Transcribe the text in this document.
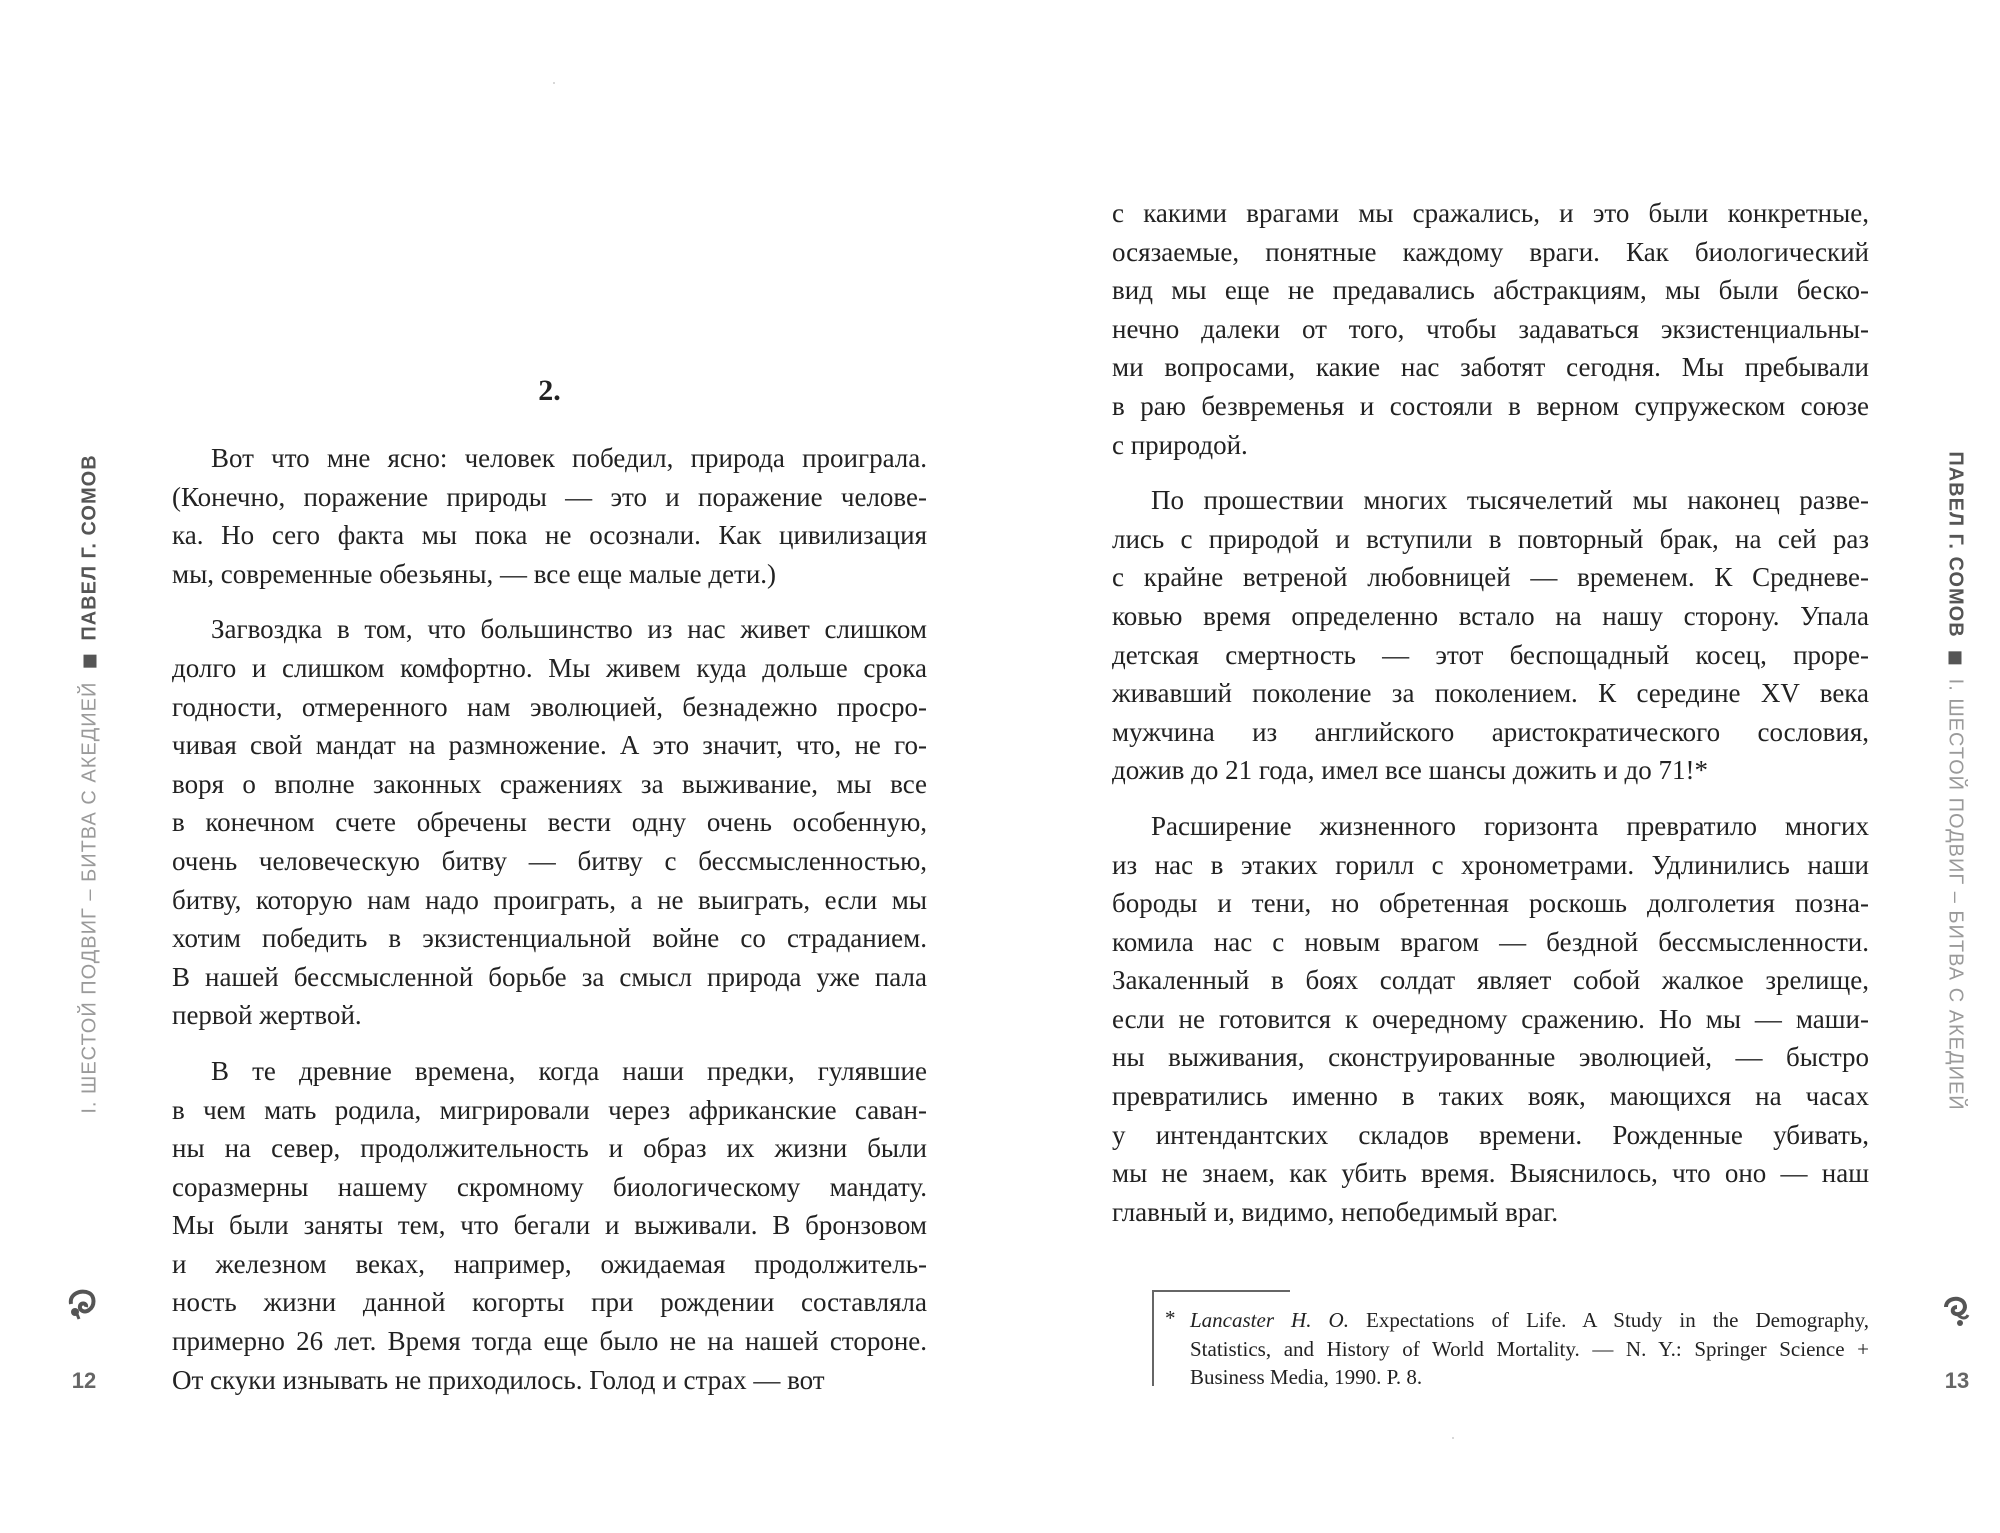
2.
Вот что мне ясно: человек победил, природа проиграла.
(Конечно, поражение природы — это и поражение челове-
ка. Но сего факта мы пока не осознали. Как цивилизация
мы, современные обезьяны, — все еще малые дети.)
Загвоздка в том, что большинство из нас живет слишком
долго и слишком комфортно. Мы живем куда дольше срока
годности, отмеренного нам эволюцией, безнадежно просро-
чивая свой мандат на размножение. А это значит, что, не го-
воря о вполне законных сражениях за выживание, мы все
в конечном счете обречены вести одну очень особенную,
очень человеческую битву — битву с бессмысленностью,
битву, которую нам надо проиграть, а не выиграть, если мы
хотим победить в экзистенциальной войне со страданием.
В нашей бессмысленной борьбе за смысл природа уже пала
первой жертвой.
В те древние времена, когда наши предки, гулявшие
в чем мать родила, мигрировали через африканские саван-
ны на север, продолжительность и образ их жизни были
соразмерны нашему скромному биологическому мандату.
Мы были заняты тем, что бегали и выживали. В бронзовом
и железном веках, например, ожидаемая продолжитель-
ность жизни данной когорты при рождении составляла
примерно 26 лет. Время тогда еще было не на нашей стороне.
От скуки изнывать не приходилось. Голод и страх — вот
I. ШЕСТОЙ ПОДВИГ – БИТВА С АКЕДИЕЙПАВЕЛ Г. СОМОВ
12
с какими врагами мы сражались, и это были конкретные,
осязаемые, понятные каждому враги. Как биологический
вид мы еще не предавались абстракциям, мы были беско-
нечно далеки от того, чтобы задаваться экзистенциальны-
ми вопросами, какие нас заботят сегодня. Мы пребывали
в раю безвременья и состояли в верном супружеском союзе
с природой.
По прошествии многих тысячелетий мы наконец разве-
лись с природой и вступили в повторный брак, на сей раз
с крайне ветреной любовницей — временем. К Средневе-
ковью время определенно встало на нашу сторону. Упала
детская смертность — этот беспощадный косец, проре-
живавший поколение за поколением. К середине XV века
мужчина из английского аристократического сословия,
дожив до 21 года, имел все шансы дожить и до 71!*
Расширение жизненного горизонта превратило многих
из нас в этаких горилл с хронометрами. Удлинились наши
бороды и тени, но обретенная роскошь долголетия позна-
комила нас с новым врагом — бездной бессмысленности.
Закаленный в боях солдат являет собой жалкое зрелище,
если не готовится к очередному сражению. Но мы — маши-
ны выживания, сконструированные эволюцией, — быстро
превратились именно в таких вояк, мающихся на часах
у интендантских складов времени. Рожденные убивать,
мы не знаем, как убить время. Выяснилось, что оно — наш
главный и, видимо, непобедимый враг.
ПАВЕЛ Г. СОМОВI. ШЕСТОЙ ПОДВИГ – БИТВА С АКЕДИЕЙ
* Lancaster H. O. Expectations of Life. A Study in the Demography,
Statistics, and History of World Mortality. — N. Y.: Springer Science +
Business Media, 1990. P. 8.	13
